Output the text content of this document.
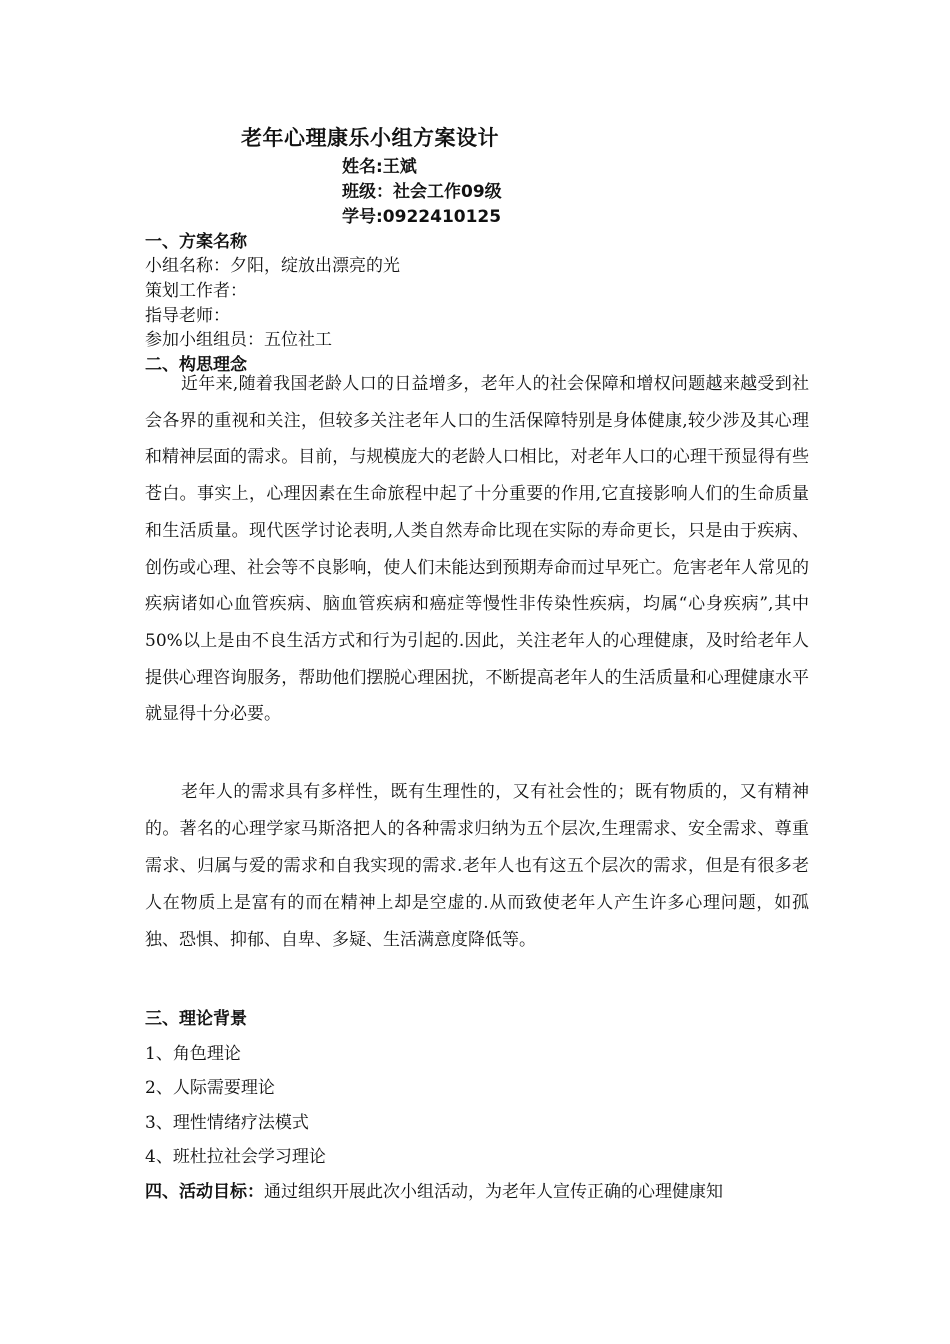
老年心理康乐小组方案设计
姓名:王斌
班级：社会工作09级
学号:0922410125
一、方案名称
小组名称：夕阳，绽放出漂亮的光
策划工作者：
指导老师：
参加小组组员：五位社工
二、构思理念
近年来,随着我国老龄人口的日益增多，老年人的社会保障和增权问题越来越受到社会各界的重视和关注，但较多关注老年人口的生活保障特别是身体健康,较少涉及其心理和精神层面的需求。目前，与规模庞大的老龄人口相比，对老年人口的心理干预显得有些苍白。事实上，心理因素在生命旅程中起了十分重要的作用,它直接影响人们的生命质量和生活质量。现代医学讨论表明,人类自然寿命比现在实际的寿命更长，只是由于疾病、创伤或心理、社会等不良影响，使人们未能达到预期寿命而过早死亡。危害老年人常见的疾病诸如心血管疾病、脑血管疾病和癌症等慢性非传染性疾病，均属“心身疾病”,其中50%以上是由不良生活方式和行为引起的.因此，关注老年人的心理健康，及时给老年人提供心理咨询服务，帮助他们摆脱心理困扰，不断提高老年人的生活质量和心理健康水平就显得十分必要。
老年人的需求具有多样性，既有生理性的，又有社会性的；既有物质的，又有精神的。著名的心理学家马斯洛把人的各种需求归纳为五个层次,生理需求、安全需求、尊重需求、归属与爱的需求和自我实现的需求.老年人也有这五个层次的需求，但是有很多老人在物质上是富有的而在精神上却是空虚的.从而致使老年人产生许多心理问题，如孤独、恐惧、抑郁、自卑、多疑、生活满意度降低等。
三、理论背景
1、角色理论
2、人际需要理论
3、理性情绪疗法模式
4、班杜拉社会学习理论
四、活动目标：通过组织开展此次小组活动，为老年人宣传正确的心理健康知
